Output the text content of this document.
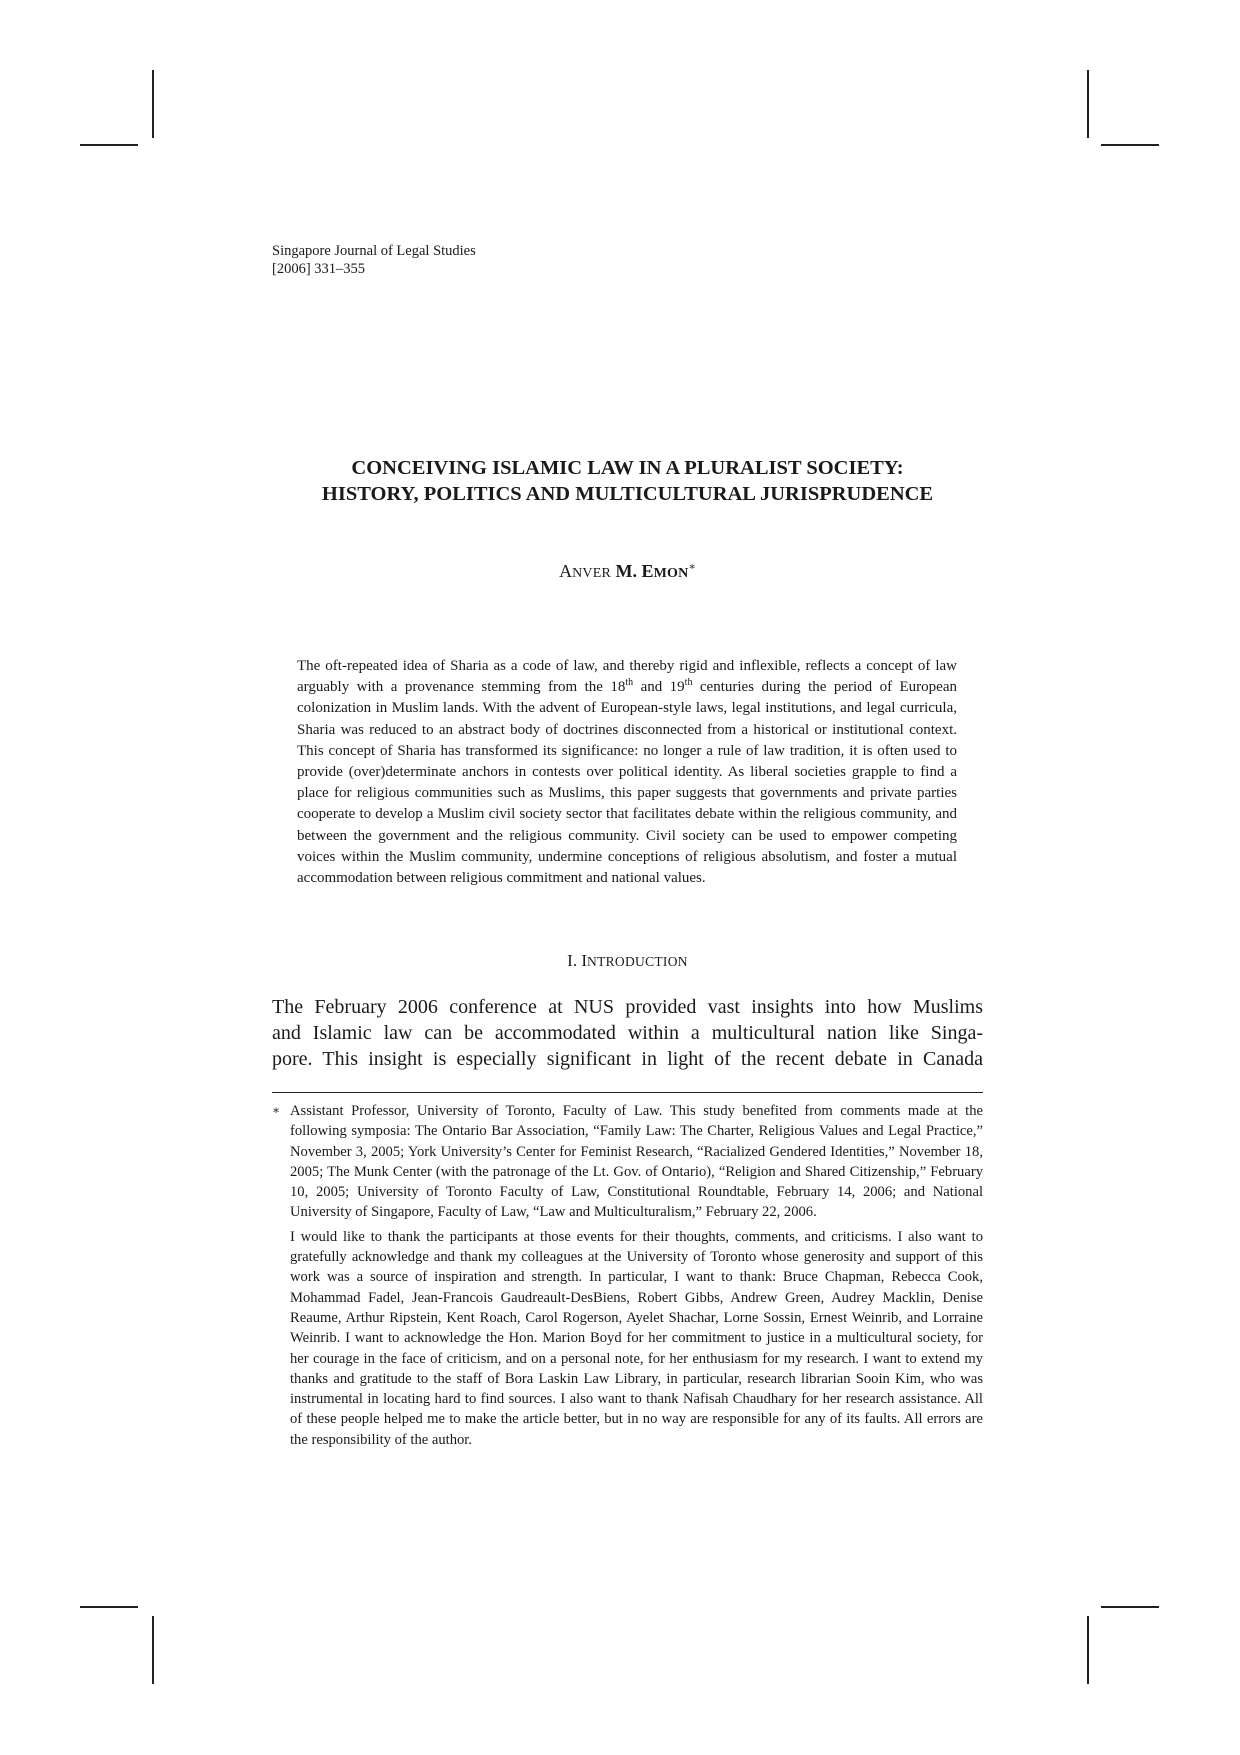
Singapore Journal of Legal Studies
[2006] 331–355
CONCEIVING ISLAMIC LAW IN A PLURALIST SOCIETY:
HISTORY, POLITICS AND MULTICULTURAL JURISPRUDENCE
ANVER M. EMON∗
The oft-repeated idea of Sharia as a code of law, and thereby rigid and inflexible, reflects a concept of law arguably with a provenance stemming from the 18th and 19th centuries during the period of European colonization in Muslim lands. With the advent of European-style laws, legal institutions, and legal curricula, Sharia was reduced to an abstract body of doctrines disconnected from a historical or institutional context. This concept of Sharia has transformed its significance: no longer a rule of law tradition, it is often used to provide (over)determinate anchors in contests over political identity. As liberal societies grapple to find a place for religious communities such as Muslims, this paper suggests that governments and private parties cooperate to develop a Muslim civil society sector that facilitates debate within the religious community, and between the government and the religious community. Civil society can be used to empower competing voices within the Muslim community, undermine conceptions of religious absolutism, and foster a mutual accommodation between religious commitment and national values.
I. INTRODUCTION
The February 2006 conference at NUS provided vast insights into how Muslims
and Islamic law can be accommodated within a multicultural nation like Singa-
pore. This insight is especially significant in light of the recent debate in Canada
∗ Assistant Professor, University of Toronto, Faculty of Law. This study benefited from comments made at the following symposia: The Ontario Bar Association, “Family Law: The Charter, Religious Values and Legal Practice,” November 3, 2005; York University’s Center for Feminist Research, “Racialized Gendered Identities,” November 18, 2005; The Munk Center (with the patronage of the Lt. Gov. of Ontario), “Religion and Shared Citizenship,” February 10, 2005; University of Toronto Faculty of Law, Constitutional Roundtable, February 14, 2006; and National University of Singapore, Faculty of Law, “Law and Multiculturalism,” February 22, 2006.

I would like to thank the participants at those events for their thoughts, comments, and criticisms. I also want to gratefully acknowledge and thank my colleagues at the University of Toronto whose generosity and support of this work was a source of inspiration and strength. In particular, I want to thank: Bruce Chapman, Rebecca Cook, Mohammad Fadel, Jean-Francois Gaudreault-DesBiens, Robert Gibbs, Andrew Green, Audrey Macklin, Denise Reaume, Arthur Ripstein, Kent Roach, Carol Rogerson, Ayelet Shachar, Lorne Sossin, Ernest Weinrib, and Lorraine Weinrib. I want to acknowledge the Hon. Marion Boyd for her commitment to justice in a multicultural society, for her courage in the face of criticism, and on a personal note, for her enthusiasm for my research. I want to extend my thanks and gratitude to the staff of Bora Laskin Law Library, in particular, research librarian Sooin Kim, who was instrumental in locating hard to find sources. I also want to thank Nafisah Chaudhary for her research assistance. All of these people helped me to make the article better, but in no way are responsible for any of its faults. All errors are the responsibility of the author.
